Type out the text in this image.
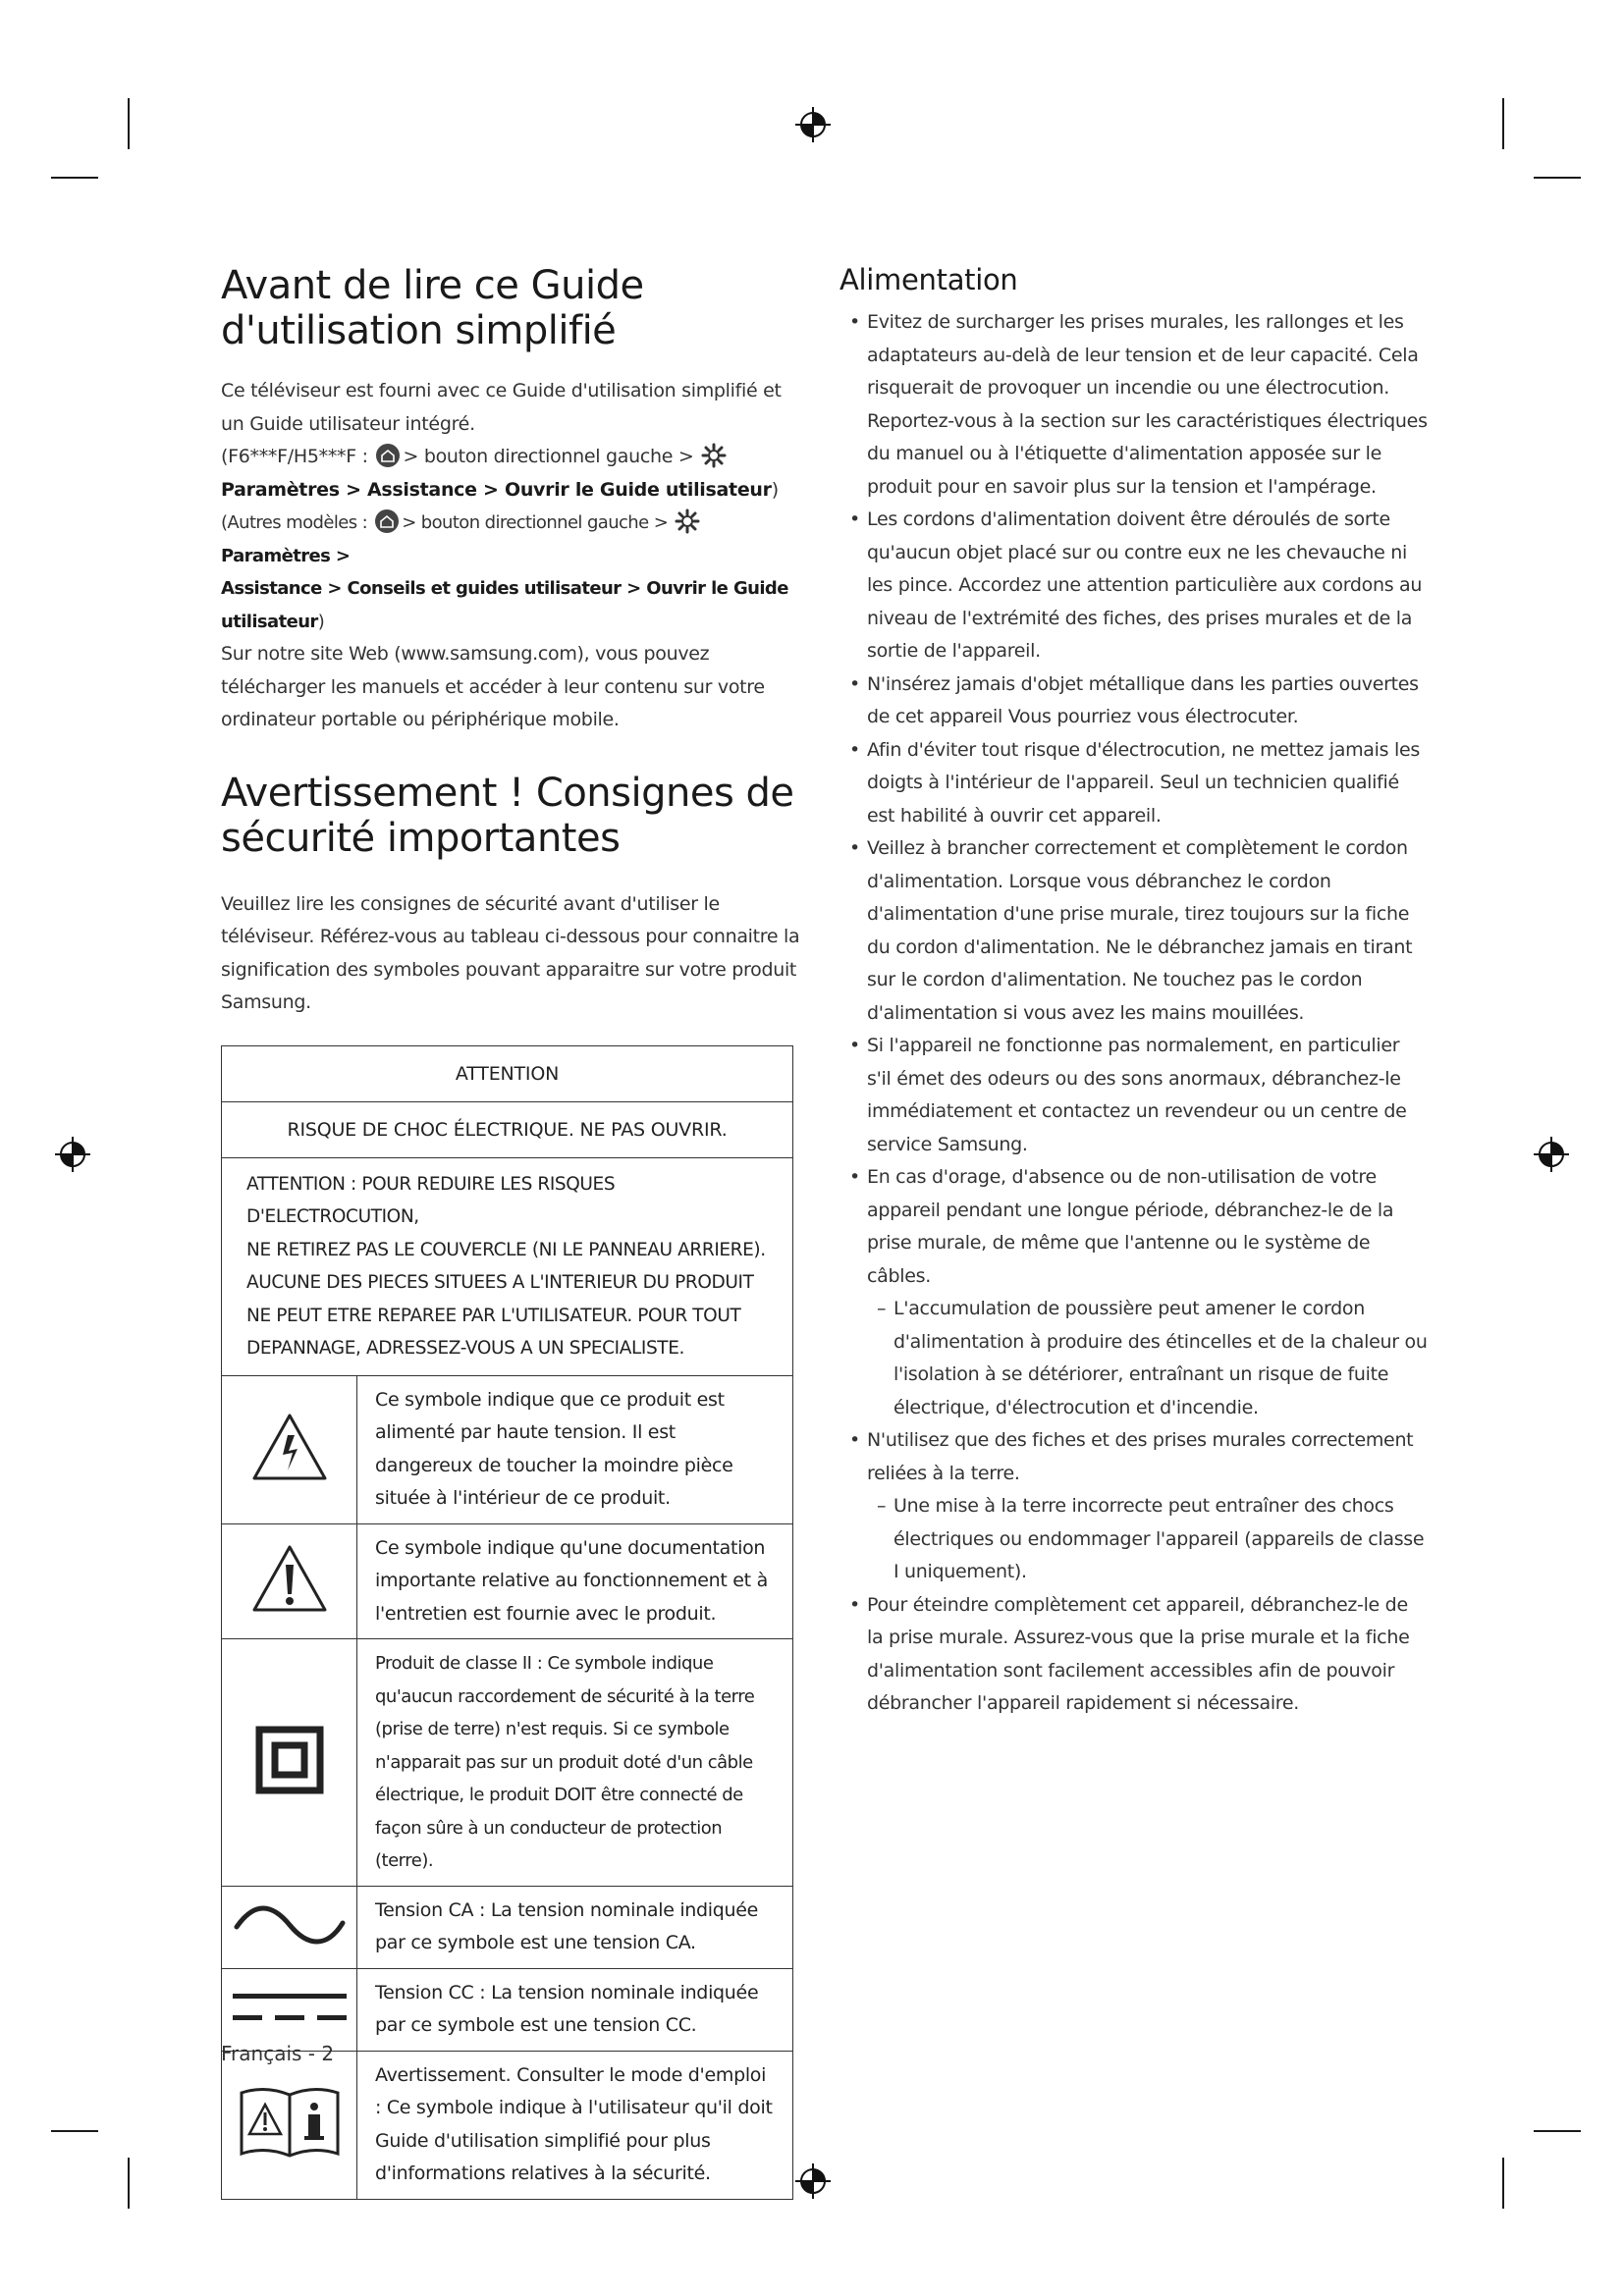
Avant de lire ce Guide d'utilisation simplifié

Ce téléviseur est fourni avec ce Guide d'utilisation simplifié et un Guide utilisateur intégré.

(F6***F/H5***F : > bouton directionnel gauche >
Paramètres > Assistance > Ouvrir le Guide utilisateur)

(Autres modèles : > bouton directionnel gauche > Paramètres >
Assistance > Conseils et guides utilisateur > Ouvrir le Guide utilisateur)

Sur notre site Web (www.samsung.com), vous pouvez télécharger les manuels et accéder à leur contenu sur votre ordinateur portable ou périphérique mobile.

Avertissement ! Consignes de sécurité importantes

Veuillez lire les consignes de sécurité avant d'utiliser le téléviseur. Référez-vous au tableau ci-dessous pour connaitre la signification des symboles pouvant apparaitre sur votre produit Samsung.

ATTENTION	
RISQUE DE CHOC ÉLECTRIQUE. NE PAS OUVRIR.	

ATTENTION : POUR REDUIRE LES RISQUES D'ELECTROCUTION,
NE RETIREZ PAS LE COUVERCLE (NI LE PANNEAU ARRIERE).
AUCUNE DES PIECES SITUEES A L'INTERIEUR DU PRODUIT
NE PEUT ETRE REPAREE PAR L'UTILISATEUR. POUR TOUT
DEPANNAGE, ADRESSEZ-VOUS A UN SPECIALISTE.	

	Ce symbole indique que ce produit est alimenté par haute tension. Il est dangereux de toucher la moindre pièce située à l'intérieur de ce produit.
	Ce symbole indique qu'une documentation importante relative au fonctionnement et à l'entretien est fournie avec le produit.
	Produit de classe II : Ce symbole indique qu'aucun raccordement de sécurité à la terre (prise de terre) n'est requis. Si ce symbole n'apparait pas sur un produit doté d'un câble électrique, le produit DOIT être connecté de façon sûre à un conducteur de protection (terre).
	Tension CA : La tension nominale indiquée par ce symbole est une tension CA.
	Tension CC : La tension nominale indiquée par ce symbole est une tension CC.
	Avertissement. Consulter le mode d'emploi : Ce symbole indique à l'utilisateur qu'il doit Guide d'utilisation simplifié pour plus d'informations relatives à la sécurité.
Alimentation
• Evitez de surcharger les prises murales, les rallonges et les adaptateurs au-delà de leur tension et de leur capacité. Cela risquerait de provoquer un incendie ou une électrocution. Reportez-vous à la section sur les caractéristiques électriques du manuel ou à l'étiquette d'alimentation apposée sur le produit pour en savoir plus sur la tension et l'ampérage.
• Les cordons d'alimentation doivent être déroulés de sorte qu'aucun objet placé sur ou contre eux ne les chevauche ni les pince. Accordez une attention particulière aux cordons au niveau de l'extrémité des fiches, des prises murales et de la sortie de l'appareil.
• N'insérez jamais d'objet métallique dans les parties ouvertes de cet appareil Vous pourriez vous électrocuter.
• Afin d'éviter tout risque d'électrocution, ne mettez jamais les doigts à l'intérieur de l'appareil. Seul un technicien qualifié est habilité à ouvrir cet appareil.
• Veillez à brancher correctement et complètement le cordon d'alimentation. Lorsque vous débranchez le cordon d'alimentation d'une prise murale, tirez toujours sur la fiche du cordon d'alimentation. Ne le débranchez jamais en tirant sur le cordon d'alimentation. Ne touchez pas le cordon d'alimentation si vous avez les mains mouillées.
• Si l'appareil ne fonctionne pas normalement, en particulier s'il émet des odeurs ou des sons anormaux, débranchez-le immédiatement et contactez un revendeur ou un centre de service Samsung.
• En cas d'orage, d'absence ou de non-utilisation de votre appareil pendant une longue période, débranchez-le de la prise murale, de même que l'antenne ou le système de câbles.
– L'accumulation de poussière peut amener le cordon d'alimentation à produire des étincelles et de la chaleur ou l'isolation à se détériorer, entraînant un risque de fuite électrique, d'électrocution et d'incendie.
• N'utilisez que des fiches et des prises murales correctement reliées à la terre.
– Une mise à la terre incorrecte peut entraîner des chocs électriques ou endommager l'appareil (appareils de classe I uniquement).
• Pour éteindre complètement cet appareil, débranchez-le de la prise murale. Assurez-vous que la prise murale et la fiche d'alimentation sont facilement accessibles afin de pouvoir débrancher l'appareil rapidement si nécessaire.
Français - 2
